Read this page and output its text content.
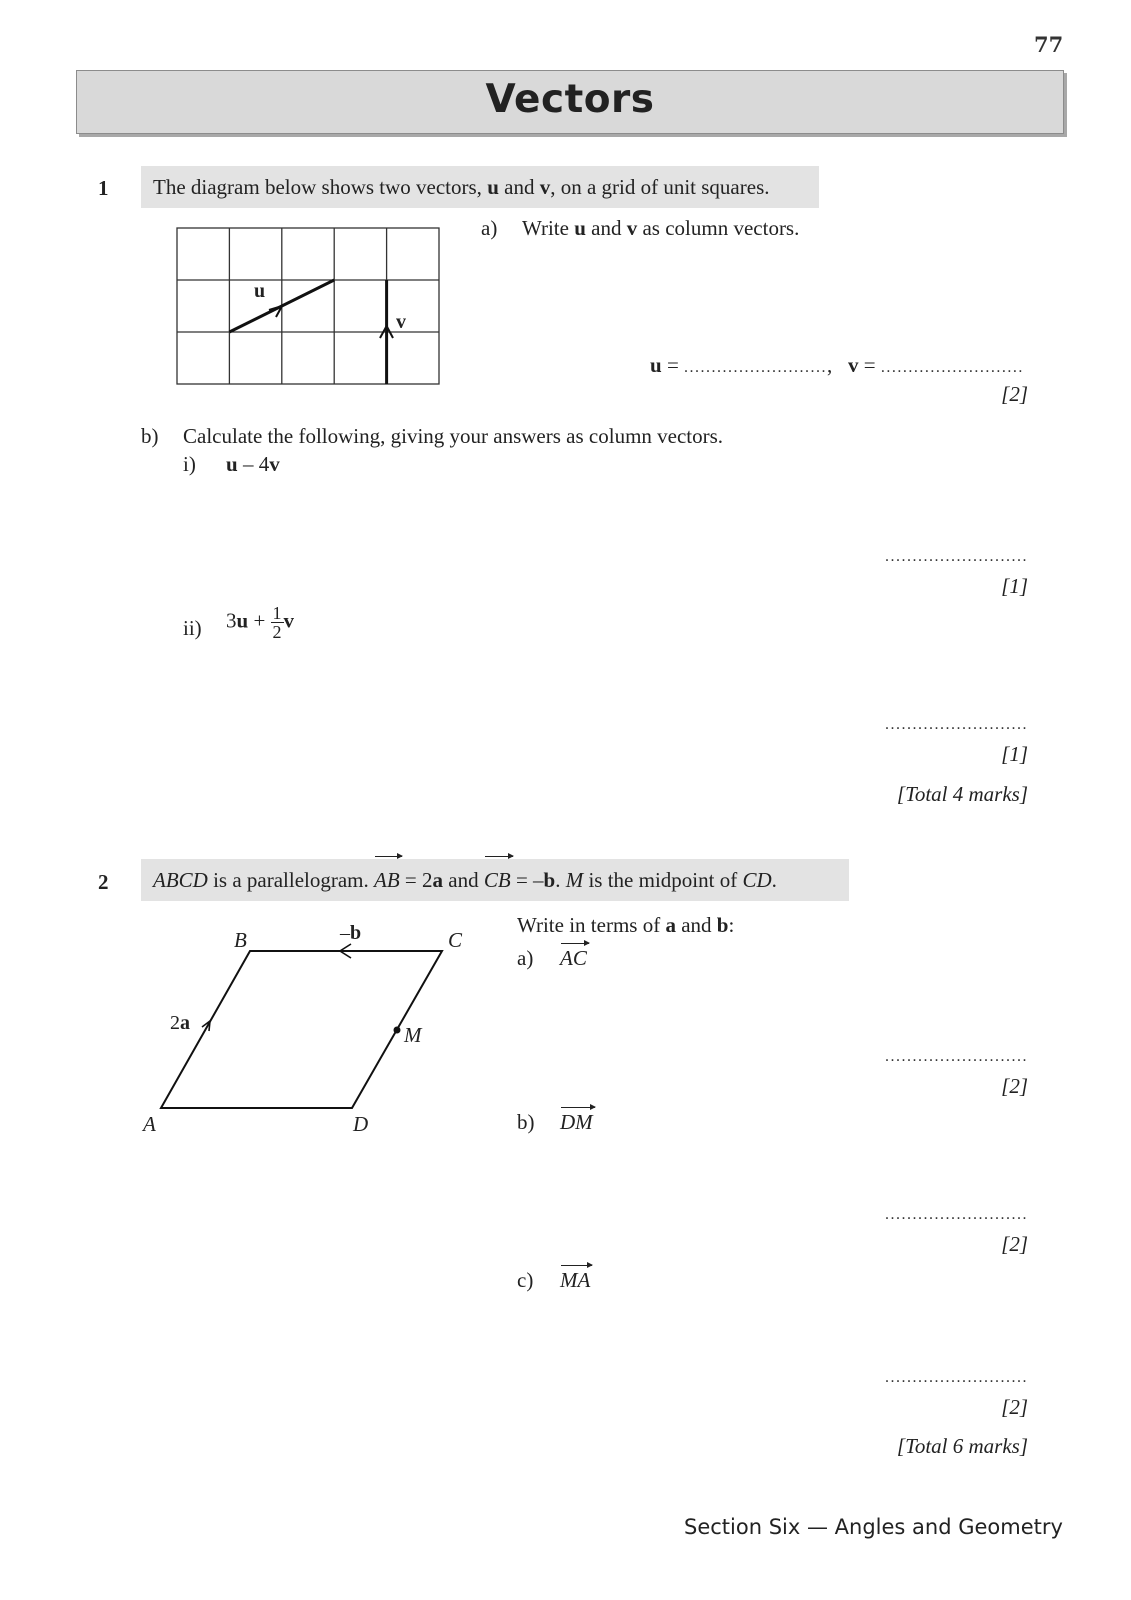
77
Vectors
1	The diagram below shows two vectors, u and v, on a grid of unit squares.
u
v
a) Write u and v as column vectors.
u = .........................., v = ..........................
[2]
b) Calculate the following, giving your answers as column vectors.
i) u – 4v
..........................
[1]
ii) $3u + \frac{1}{2}$ v
..........................
[1]
[Total 4 marks]
2	ABCD is a parallelogram. AB = 2a and CB = –b. M is the midpoint of CD.
B	C
A	D
M
2a
–b	Write in terms of a and b:
a) AC
..........................
[2]
b) DM
..........................
[2]
c) MA
..........................
[2]
[Total 6 marks]
Section Six — Angles and Geometry
